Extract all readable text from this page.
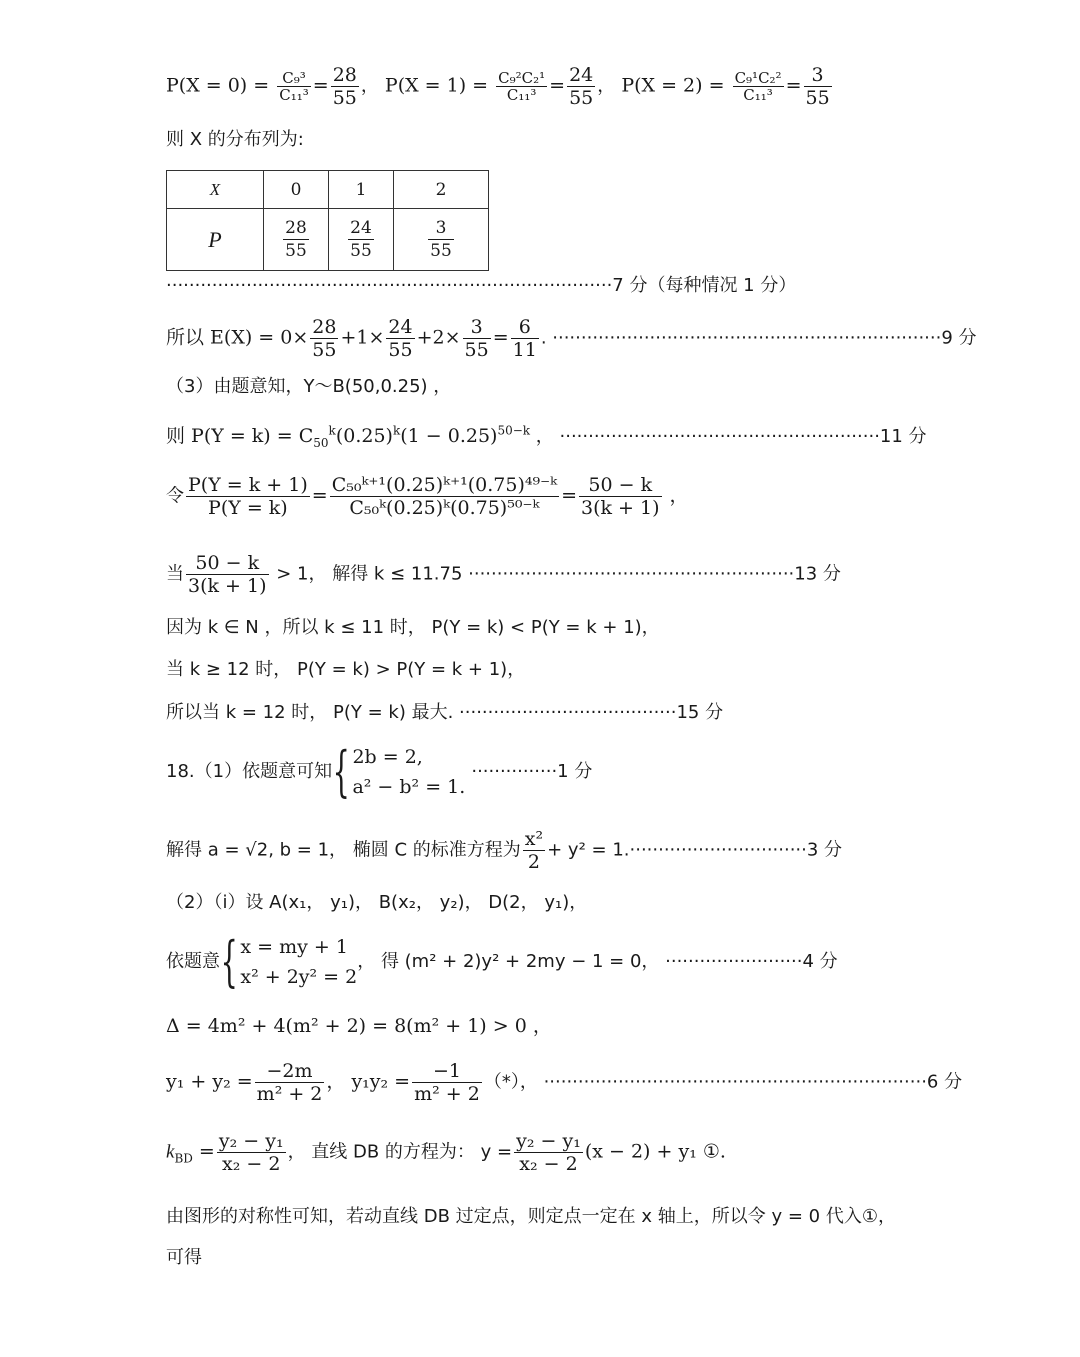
$P(X = 0) = \frac{\text{C₉³}}{\text{C₁₁³}} = \frac{28}{55}$ ， $P(X = 1) = \frac{\text{C₉²C₂¹}}{\text{C₁₁³}} = \frac{24}{55}$ ， $P(X = 2) = \frac{\text{C₉¹C₂²}}{\text{C₁₁³}} = \frac{3}{55}$
则 X 的分布列为:
X	0	1	2
P	$\frac{28}{55}$	$\frac{24}{55}$	$\frac{3}{55}$
··············································································7 分（每种情况 1 分）
所以 $E(X) = 0\times \frac{28}{55} +1\times \frac{24}{55} +2\times \frac{3}{55} = \frac{6}{11}$ . ····································································9 分
（3）由题意知，Y～B(50,0.25) ，
则 $P(Y = k) = C_{50}^k(0.25)^k(1 - 0.25)^{50-k}$ ， ························································11 分
令 $\frac{P(Y = k + 1)}{P(Y = k)} = \frac{\text{C₅₀ᵏ⁺¹(0.25)ᵏ⁺¹(0.75)⁴⁹⁻ᵏ}}{\text{C₅₀ᵏ(0.25)ᵏ(0.75)⁵⁰⁻ᵏ}} = \frac{50 - k}{3(k + 1)}$ ，
当 $\frac{50 - k}{3(k + 1)} > 1$， 解得 k ≤ 11.75 ·························································13 分
因为 k ∈ N ，所以 k ≤ 11 时， P(Y = k) < P(Y = k + 1)，
当 k ≥ 12 时， P(Y = k) > P(Y = k + 1)，
所以当 k = 12 时， P(Y = k) 最大. ······································15 分
18.（1）依题意可知{ 2b = 2,
a² − b² = 1.
···············1 分
解得 a = √2, b = 1， 椭圆 C 的标准方程为 $\frac{\text{x²}}{2} + y^2 = 1.\cdot\cdot\cdot\cdot\cdot\cdot\cdot\cdot\cdot\cdot\cdot\cdot\cdot\cdot\cdot\cdot\cdot\cdot\cdot\cdot\cdot\cdot\cdot\cdot\cdot\cdot\cdot\cdot\cdot\cdot\cdot 3$ 分
（2）（ⅰ）设 A(x₁， y₁)， B(x₂， y₂)， D(2， y₁)，
依题意{ x = my + 1
x² + 2y² = 2
， 得 (m² + 2)y² + 2my − 1 = 0， ························4 分
Δ = 4m² + 4(m² + 2) = 8(m² + 1) > 0 ，
$y_1 + y_2 = \frac{-2m}{\text{m² + 2}}$ ， $y_1y_2 = \frac{-1}{\text{m² + 2}}$ （*）， ···································································6 分
$k_{BD} = \frac{\text{y₂ − y₁}}{\text{x₂ − 2}}$ ， 直线 DB 的方程为： $y = \frac{\text{y₂ − y₁}}{\text{x₂ − 2}} (x - 2) + y_1$ ①.
由图形的对称性可知，若动直线 DB 过定点，则定点一定在 x 轴上，所以令 y = 0 代入①，
可得
